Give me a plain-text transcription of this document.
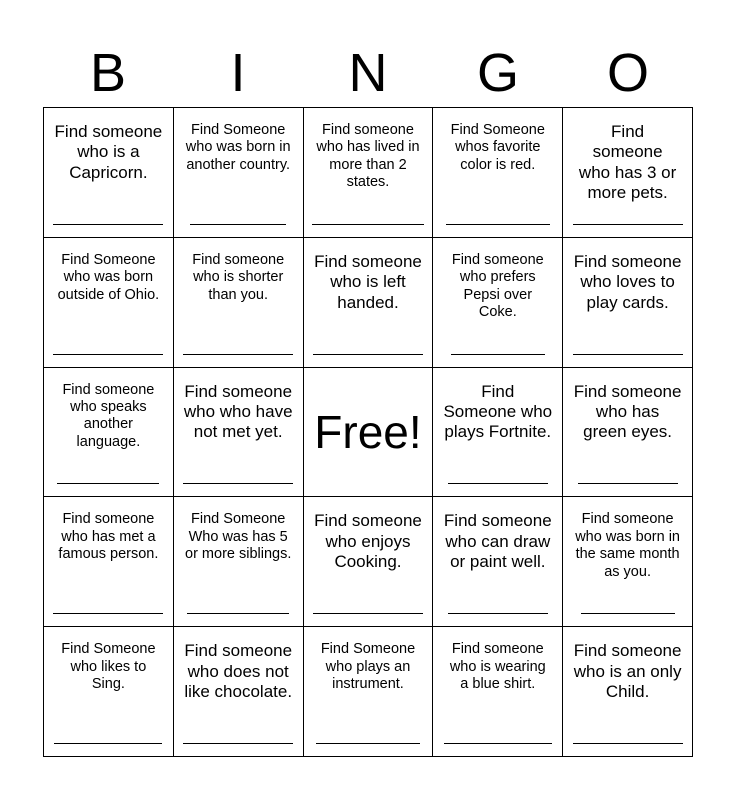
B	I	N	G	O
Find someone
who is a
Capricorn.
Find Someone
who was born in
another country.
Find someone
who has lived in
more than 2
states.
Find Someone
whos favorite
color is red.
Find
someone
who has 3 or
more pets.
Find Someone
who was born
outside of Ohio.
Find someone
who is shorter
than you.
Find someone
who is left
handed.
Find someone
who prefers
Pepsi over
Coke.
Find someone
who loves to
play cards.
Find someone
who speaks
another
language.
Find someone
who who have
not met yet. Free!
Find
Someone who
plays Fortnite.
Find someone
who has
green eyes.
Find someone
who has met a
famous person.
Find Someone
Who was has 5
or more siblings.
Find someone
who enjoys
Cooking.
Find someone
who can draw
or paint well.
Find someone
who was born in
the same month
as you.
Find Someone
who likes to
Sing.
Find someone
who does not
like chocolate.
Find Someone
who plays an
instrument.
Find someone
who is wearing
a blue shirt.
Find someone
who is an only
Child.
